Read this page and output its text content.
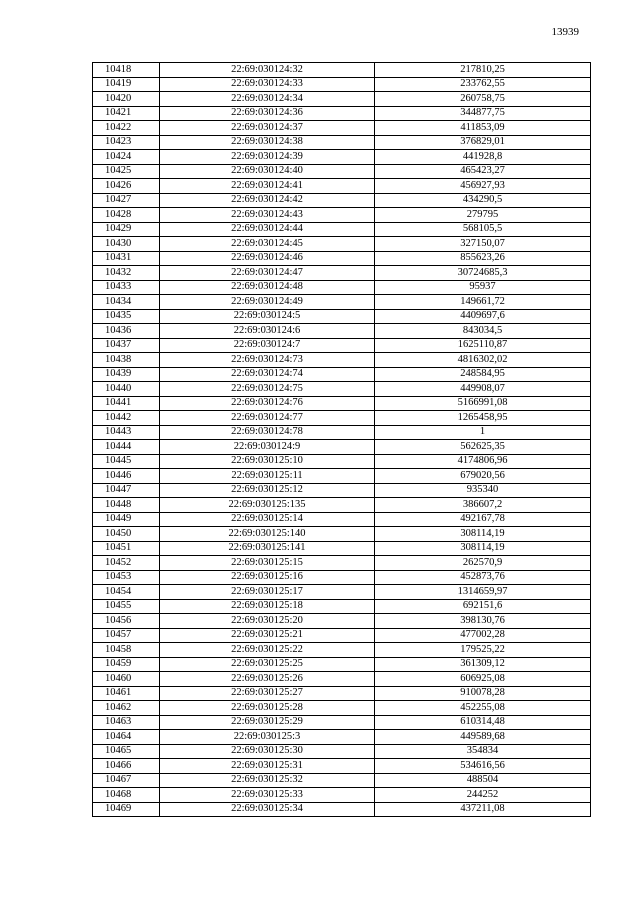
13939
10418	22:69:030124:32	217810,25
10419	22:69:030124:33	233762,55
10420	22:69:030124:34	260758,75
10421	22:69:030124:36	344877,75
10422	22:69:030124:37	411853,09
10423	22:69:030124:38	376829,01
10424	22:69:030124:39	441928,8
10425	22:69:030124:40	465423,27
10426	22:69:030124:41	456927,93
10427	22:69:030124:42	434290,5
10428	22:69:030124:43	279795
10429	22:69:030124:44	568105,5
10430	22:69:030124:45	327150,07
10431	22:69:030124:46	855623,26
10432	22:69:030124:47	30724685,3
10433	22:69:030124:48	95937
10434	22:69:030124:49	149661,72
10435	22:69:030124:5	4409697,6
10436	22:69:030124:6	843034,5
10437	22:69:030124:7	1625110,87
10438	22:69:030124:73	4816302,02
10439	22:69:030124:74	248584,95
10440	22:69:030124:75	449908,07
10441	22:69:030124:76	5166991,08
10442	22:69:030124:77	1265458,95
10443	22:69:030124:78	1
10444	22:69:030124:9	562625,35
10445	22:69:030125:10	4174806,96
10446	22:69:030125:11	679020,56
10447	22:69:030125:12	935340
10448	22:69:030125:135	386607,2
10449	22:69:030125:14	492167,78
10450	22:69:030125:140	308114,19
10451	22:69:030125:141	308114,19
10452	22:69:030125:15	262570,9
10453	22:69:030125:16	452873,76
10454	22:69:030125:17	1314659,97
10455	22:69:030125:18	692151,6
10456	22:69:030125:20	398130,76
10457	22:69:030125:21	477002,28
10458	22:69:030125:22	179525,22
10459	22:69:030125:25	361309,12
10460	22:69:030125:26	606925,08
10461	22:69:030125:27	910078,28
10462	22:69:030125:28	452255,08
10463	22:69:030125:29	610314,48
10464	22:69:030125:3	449589,68
10465	22:69:030125:30	354834
10466	22:69:030125:31	534616,56
10467	22:69:030125:32	488504
10468	22:69:030125:33	244252
10469	22:69:030125:34	437211,08
